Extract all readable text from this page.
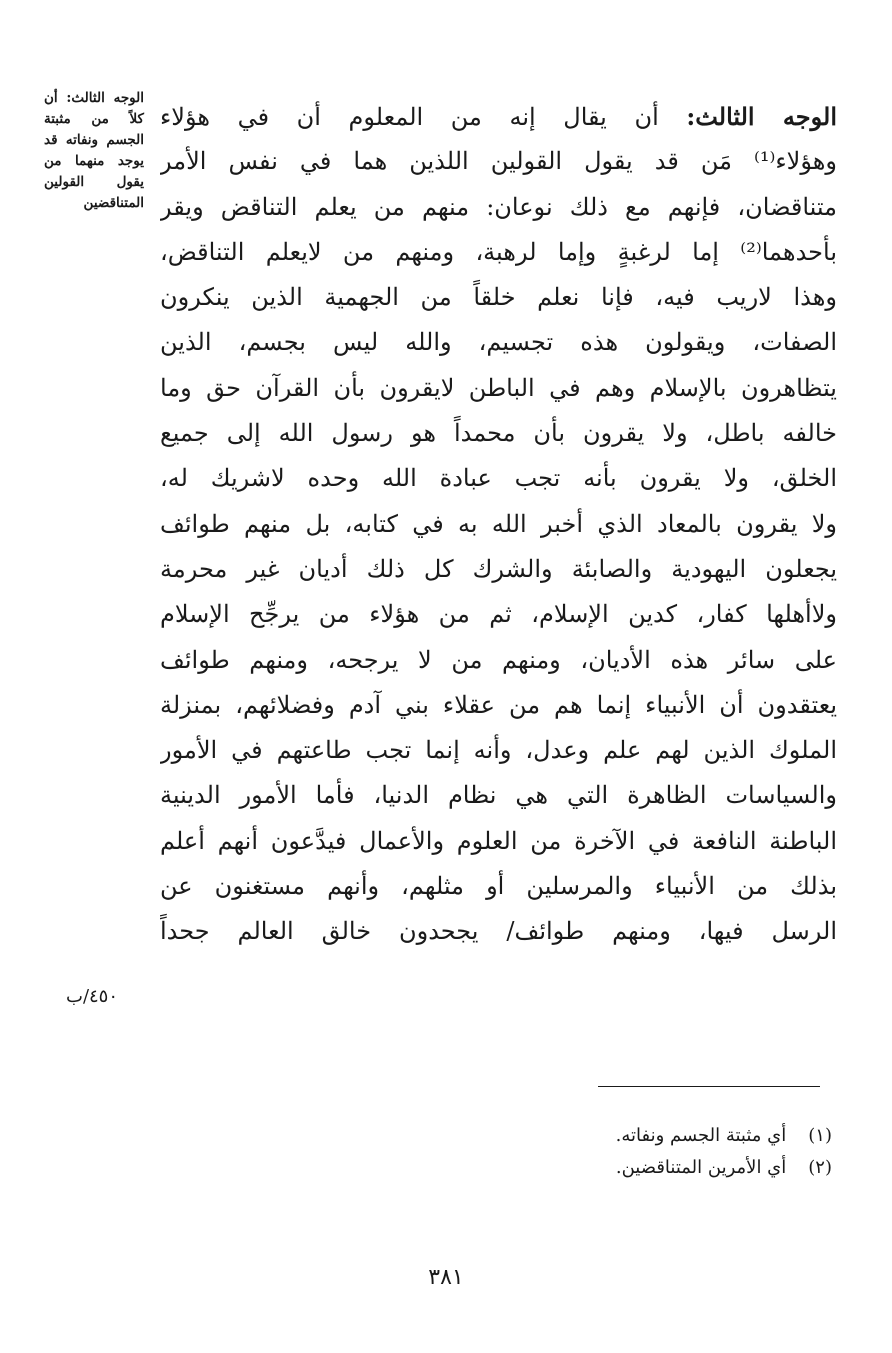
الوجه الثالث: أن كلاً من مثبتة الجسم ونفاته قد يوجد منهما من يقول القولين المتناقضين

الوجه الثالث: أن يقال إنه من المعلوم أن في هؤلاء
وهؤلاء⁽¹⁾ مَن قد يقول القولين اللذين هما في نفس الأمر
متناقضان، فإنهم مع ذلك نوعان: منهم من يعلم التناقض ويقر
بأحدهما⁽²⁾ إما لرغبةٍ وإما لرهبة، ومنهم من لايعلم التناقض،
وهذا لاريب فيه، فإنا نعلم خلقاً من الجهمية الذين ينكرون
الصفات، ويقولون هذه تجسيم، والله ليس بجسم، الذين
يتظاهرون بالإسلام وهم في الباطن لايقرون بأن القرآن حق وما
خالفه باطل، ولا يقرون بأن محمداً هو رسول الله إلى جميع
الخلق، ولا يقرون بأنه تجب عبادة الله وحده لاشريك له،
ولا يقرون بالمعاد الذي أخبر الله به في كتابه، بل منهم طوائف
يجعلون اليهودية والصابئة والشرك كل ذلك أديان غير محرمة
ولاأهلها كفار، كدين الإسلام، ثم من هؤلاء من يرجِّح الإسلام
على سائر هذه الأديان، ومنهم من لا يرجحه، ومنهم طوائف
يعتقدون أن الأنبياء إنما هم من عقلاء بني آدم وفضلائهم، بمنزلة
الملوك الذين لهم علم وعدل، وأنه إنما تجب طاعتهم في الأمور
والسياسات الظاهرة التي هي نظام الدنيا، فأما الأمور الدينية
الباطنة النافعة في الآخرة من العلوم والأعمال فيدَّعون أنهم أعلم
بذلك من الأنبياء والمرسلين أو مثلهم، وأنهم مستغنون عن
الرسل فيها، ومنهم طوائف/ يجحدون خالق العالم جحداً

٤٥٠/ب

(١) أي مثبتة الجسم ونفاته.
(٢) أي الأمرين المتناقضين.

٣٨١
